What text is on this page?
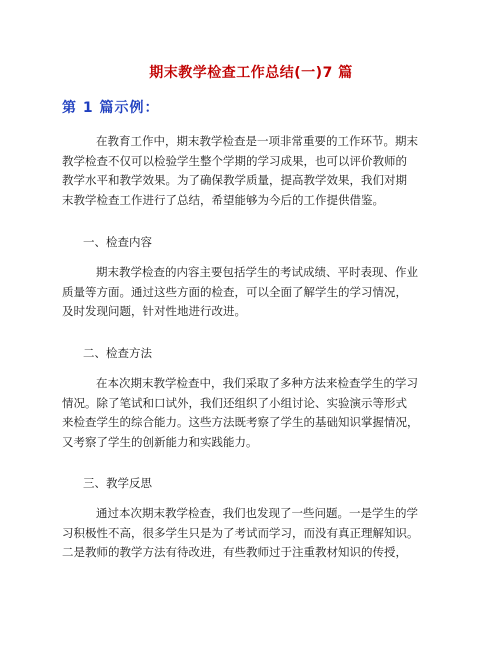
期末教学检查工作总结(一)7 篇
第 1 篇示例：
在教育工作中，期末教学检查是一项非常重要的工作环节。期末
教学检查不仅可以检验学生整个学期的学习成果，也可以评价教师的
教学水平和教学效果。为了确保教学质量，提高教学效果，我们对期
末教学检查工作进行了总结，希望能够为今后的工作提供借鉴。
一、检查内容
期末教学检查的内容主要包括学生的考试成绩、平时表现、作业
质量等方面。通过这些方面的检查，可以全面了解学生的学习情况，
及时发现问题，针对性地进行改进。
二、检查方法
在本次期末教学检查中，我们采取了多种方法来检查学生的学习
情况。除了笔试和口试外，我们还组织了小组讨论、实验演示等形式
来检查学生的综合能力。这些方法既考察了学生的基础知识掌握情况，
又考察了学生的创新能力和实践能力。
三、教学反思
通过本次期末教学检查，我们也发现了一些问题。一是学生的学
习积极性不高，很多学生只是为了考试而学习，而没有真正理解知识。
二是教师的教学方法有待改进，有些教师过于注重教材知识的传授，
